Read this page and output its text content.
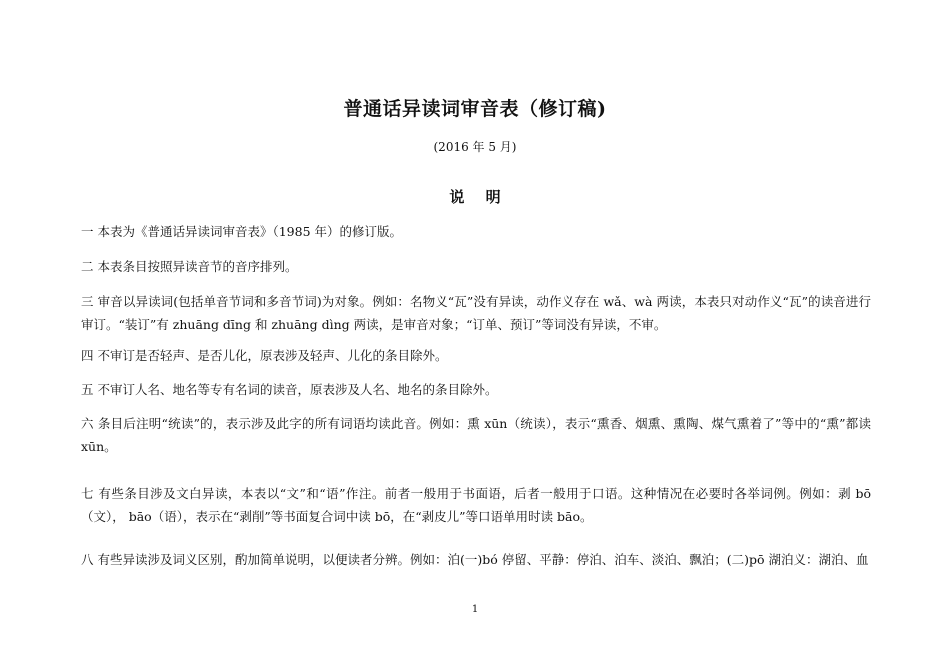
普通话异读词审音表（修订稿)
(2016 年 5 月)
说 明

一 本表为《普通话异读词审音表》（1985 年）的修订版。

二 本表条目按照异读音节的音序排列。

三 审音以异读词(包括单音节词和多音节词)为对象。例如：名物义“瓦”没有异读，动作义存在 wǎ、wà 两读，本表只对动作义“瓦”的读音进行审订。“装订”有 zhuāng dīng 和 zhuāng dìng 两读，是审音对象；“订单、预订”等词没有异读，不审。

四 不审订是否轻声、是否儿化，原表涉及轻声、儿化的条目除外。

五 不审订人名、地名等专有名词的读音，原表涉及人名、地名的条目除外。

六 条目后注明“统读”的，表示涉及此字的所有词语均读此音。例如：熏 xūn（统读），表示“熏香、烟熏、熏陶、煤气熏着了”等中的“熏”都读 xūn。

七 有些条目涉及文白异读，本表以“文”和“语”作注。前者一般用于书面语，后者一般用于口语。这种情况在必要时各举词例。例如：剥 bō（文）， bāo（语），表示在“剥削”等书面复合词中读 bō，在“剥皮儿”等口语单用时读 bāo。

八 有些异读涉及词义区别，酌加简单说明，以便读者分辨。例如：泊(一)bó 停留、平静：停泊、泊车、淡泊、飘泊；(二)pō 湖泊义：湖泊、血

1
